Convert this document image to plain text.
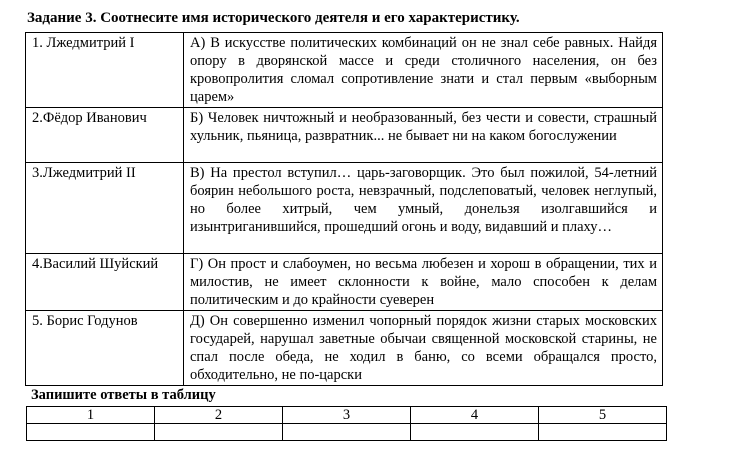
Задание 3. Соотнесите имя исторического деятеля и его характеристику.
1. Лжедмитрий I	А) В искусстве политических комбинаций он не знал себе равных. Найдя опору в дворянской массе и среди столичного населения, он без кровопролития сломал сопротивление знати и стал первым «выборным царем»
2.Фёдор Иванович	Б) Человек ничтожный и необразованный, без чести и совести, страшный хульник, пьяница, развратник... не бывает ни на каком богослужении
3.Лжедмитрий II	В) На престол вступил… царь-заговорщик. Это был пожилой, 54-летний боярин небольшого роста, невзрачный, подслеповатый, человек неглупый, но более хитрый, чем умный, донельзя изолгавшийся и изынтриганившийся, прошедший огонь и воду, видавший и плаху…
4.Василий Шуйский	Г) Он прост и слабоумен, но весьма любезен и хорош в обращении, тих и милостив, не имеет склонности к войне, мало способен к делам политическим и до крайности суеверен
5. Борис Годунов	Д) Он совершенно изменил чопорный порядок жизни старых московских государей, нарушал заветные обычаи священной московской старины, не спал после обеда, не ходил в баню, со всеми обращался просто, обходительно, не по-царски
Запишите ответы в таблицу
1	2	3	4	5
